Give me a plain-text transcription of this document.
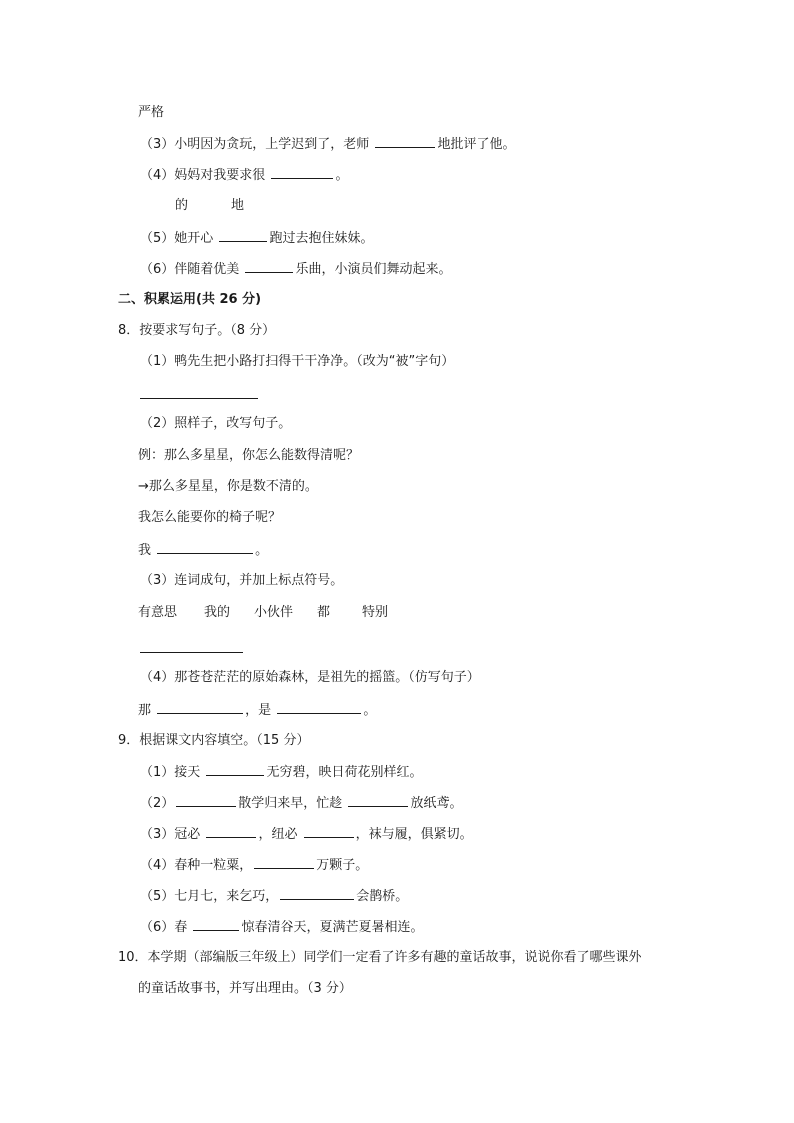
严格
（3）小明因为贪玩，上学迟到了，老师	地批评了他。
（4）妈妈对我要求很	。
的	地
（5）她开心	跑过去抱住妹妹。
（6）伴随着优美	乐曲，小演员们舞动起来。
二、积累运用(共 26 分)
8．按要求写句子。（8 分）
（1）鸭先生把小路打扫得干干净净。（改为“被”字句）
（2）照样子，改写句子。
例：那么多星星，你怎么能数得清呢？
→那么多星星，你是数不清的。
我怎么能要你的椅子呢？
我	。
（3）连词成句，并加上标点符号。
有意思 我的 小伙伴 都 特别
（4）那苍苍茫茫的原始森林，是祖先的摇篮。（仿写句子）
那	，是	。
9．根据课文内容填空。（15 分）
（1）接天	无穷碧，映日荷花别样红。
（2）	散学归来早，忙趁	放纸鸢。
（3）冠必	，纽必	，袜与履，俱紧切。
（4）春种一粒粟，	万颗子。
（5）七月七，来乞巧，	会鹊桥。
（6）春	惊春清谷天，夏满芒夏暑相连。
10．本学期（部编版三年级上）同学们一定看了许多有趣的童话故事，说说你看了哪些课外
的童话故事书，并写出理由。（3 分）
